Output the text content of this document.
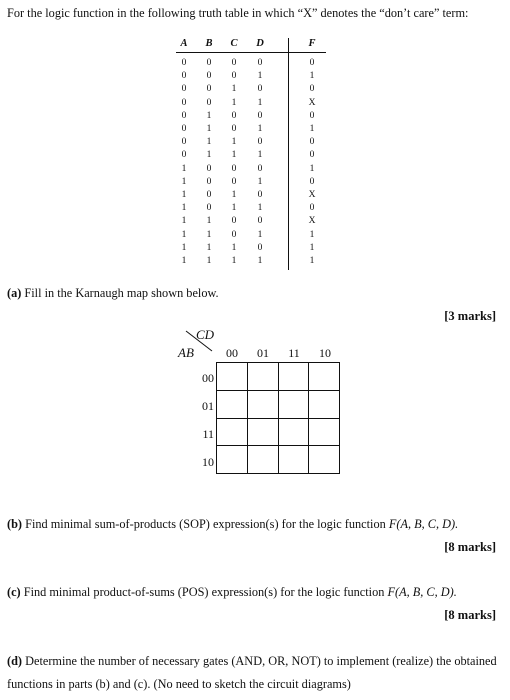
For the logic function in the following truth table in which “X” denotes the “don’t care” term:
A	B	C	D	F
0	0	0	0	0
0	0	0	1	1
0	0	1	0	0
0	0	1	1	X
0	1	0	0	0
0	1	0	1	1
0	1	1	0	0
0	1	1	1	0
1	0	0	0	1
1	0	0	1	0
1	0	1	0	X
1	0	1	1	0
1	1	0	0	X
1	1	0	1	1
1	1	1	0	1
1	1	1	1	1
(a) Fill in the Karnaugh map shown below.
[3 marks]
CD
AB	00	01	11	10
00
01
11
10
(b) Find minimal sum-of-products (SOP) expression(s) for the logic function F(A, B, C, D).
[8 marks]
(c) Find minimal product-of-sums (POS) expression(s) for the logic function F(A, B, C, D).
[8 marks]
(d) Determine the number of necessary gates (AND, OR, NOT) to implement (realize) the obtained
functions in parts (b) and (c). (No need to sketch the circuit diagrams)
